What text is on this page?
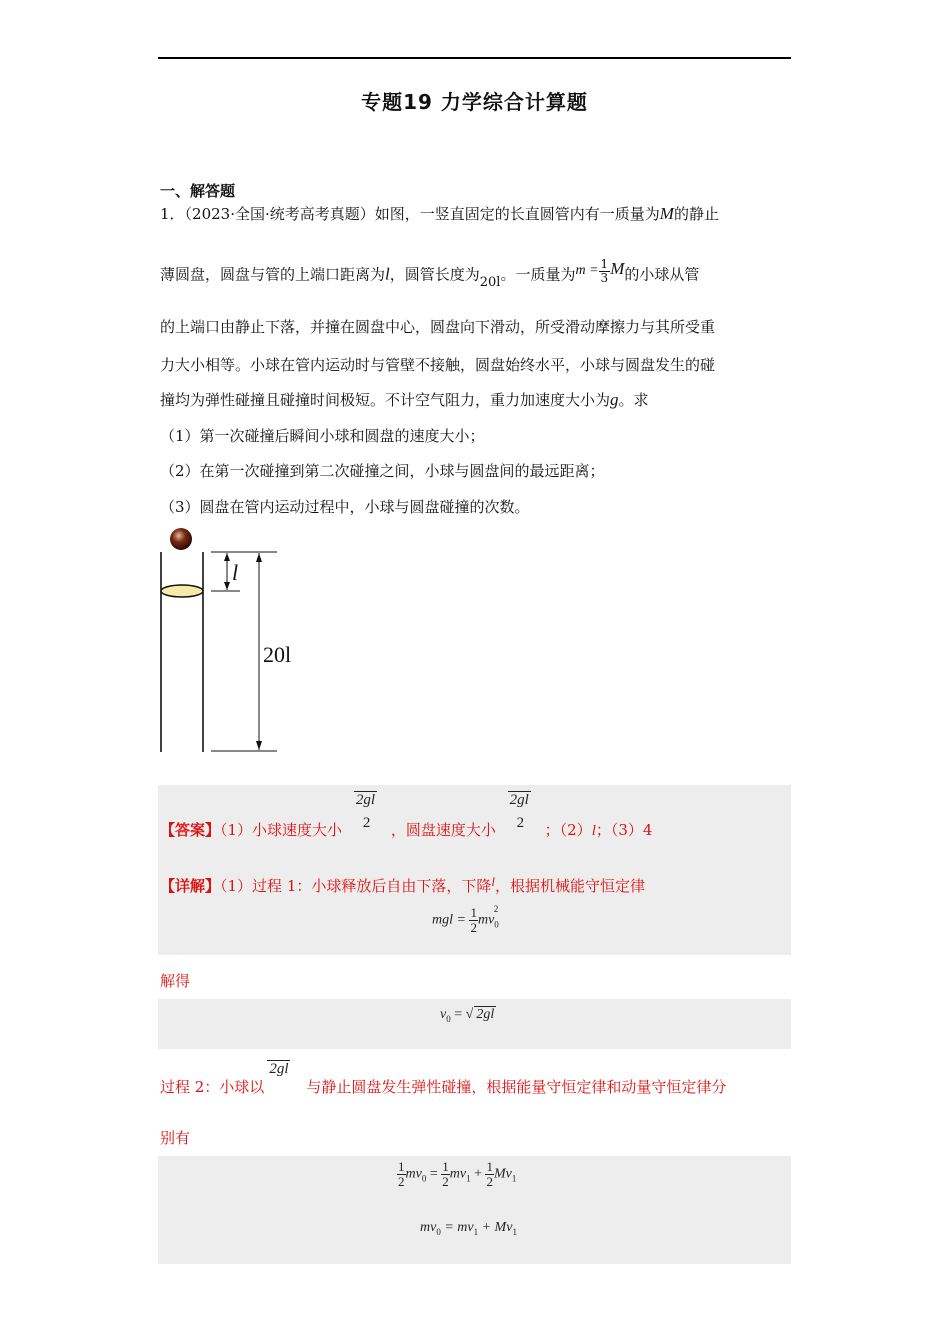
专题19 力学综合计算题
一、解答题
1．（2023·全国·统考高考真题）如图，一竖直固定的长直圆管内有一质量为M的静止
薄圆盘，圆盘与管的上端口距离为l，圆管长度为20l。一质量为$m = \frac{1}{3}$ M的小球从管
的上端口由静止下落，并撞在圆盘中心，圆盘向下滑动，所受滑动摩擦力与其所受重
力大小相等。小球在管内运动时与管壁不接触，圆盘始终水平，小球与圆盘发生的碰
撞均为弹性碰撞且碰撞时间极短。不计空气阻力，重力加速度大小为g。求
（1）第一次碰撞后瞬间小球和圆盘的速度大小；
（2）在第一次碰撞到第二次碰撞之间，小球与圆盘间的最远距离；
（3）圆盘在管内运动过程中，小球与圆盘碰撞的次数。
l
20l
【答案】（1）小球速度大小
2gl
2 ，圆盘速度大小
2gl
2 ；（2）l；（3）4
【详解】（1）过程 1：小球释放后自由下落，下降l，根据机械能守恒定律
mgl = $\frac{1}{2} mv_0^2$
解得
$v_0$ = √ 2gl
过程 2：小球以
2gl
与静止圆盘发生弹性碰撞，根据能量守恒定律和动量守恒定律分
别有
$\frac{1}{2} mv_0 = \frac{1}{2} mv_1 + \frac{1}{2} Mv_1$
$mv_0 = mv_1 + Mv_1$
